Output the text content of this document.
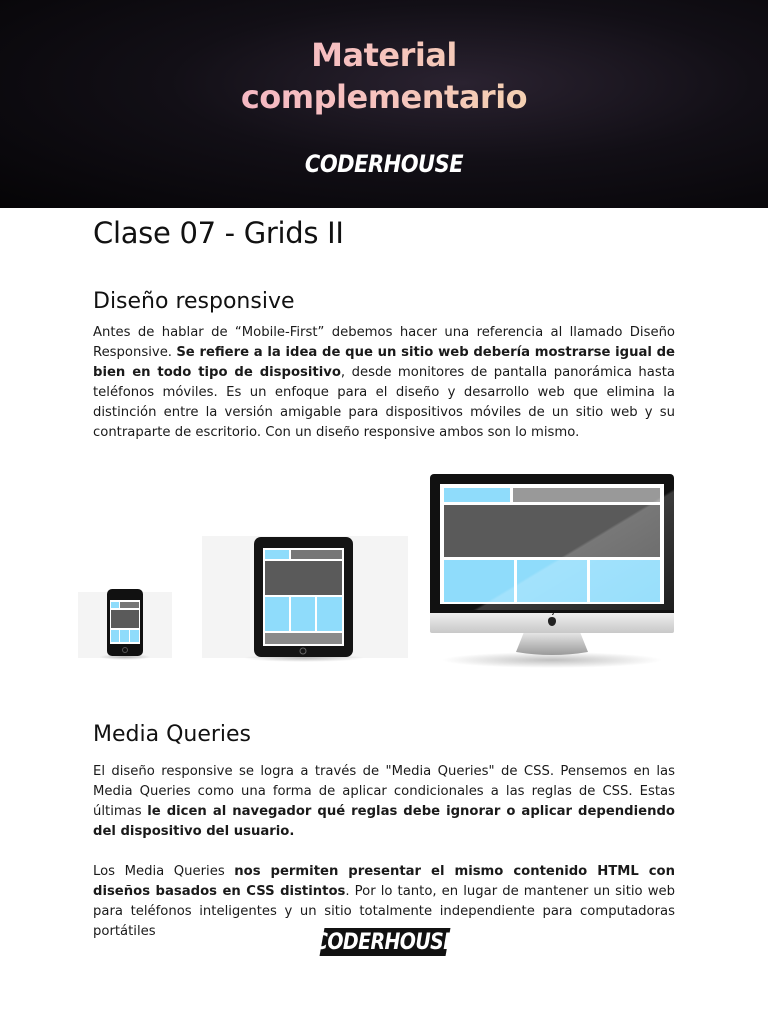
Material
complementario
CODERHOUSE
Clase 07 - Grids II
Diseño responsive

Antes de hablar de “Mobile-First” debemos hacer una referencia al llamado Diseño Responsive. Se refiere a la idea de que un sitio web debería mostrarse igual de bien en todo tipo de dispositivo, desde monitores de pantalla panorámica hasta teléfonos móviles. Es un enfoque para el diseño y desarrollo web que elimina la distinción entre la versión amigable para dispositivos móviles de un sitio web y su contraparte de escritorio. Con un diseño responsive ambos son lo mismo.

Media Queries

El diseño responsive se logra a través de "Media Queries" de CSS. Pensemos en las Media Queries como una forma de aplicar condicionales a las reglas de CSS. Estas últimas le dicen al navegador qué reglas debe ignorar o aplicar dependiendo del dispositivo del usuario.

Los Media Queries nos permiten presentar el mismo contenido HTML con diseños basados en CSS distintos. Por lo tanto, en lugar de mantener un sitio web para teléfonos inteligentes y un sitio totalmente independiente para computadoras portátiles	CODERHOUSE
